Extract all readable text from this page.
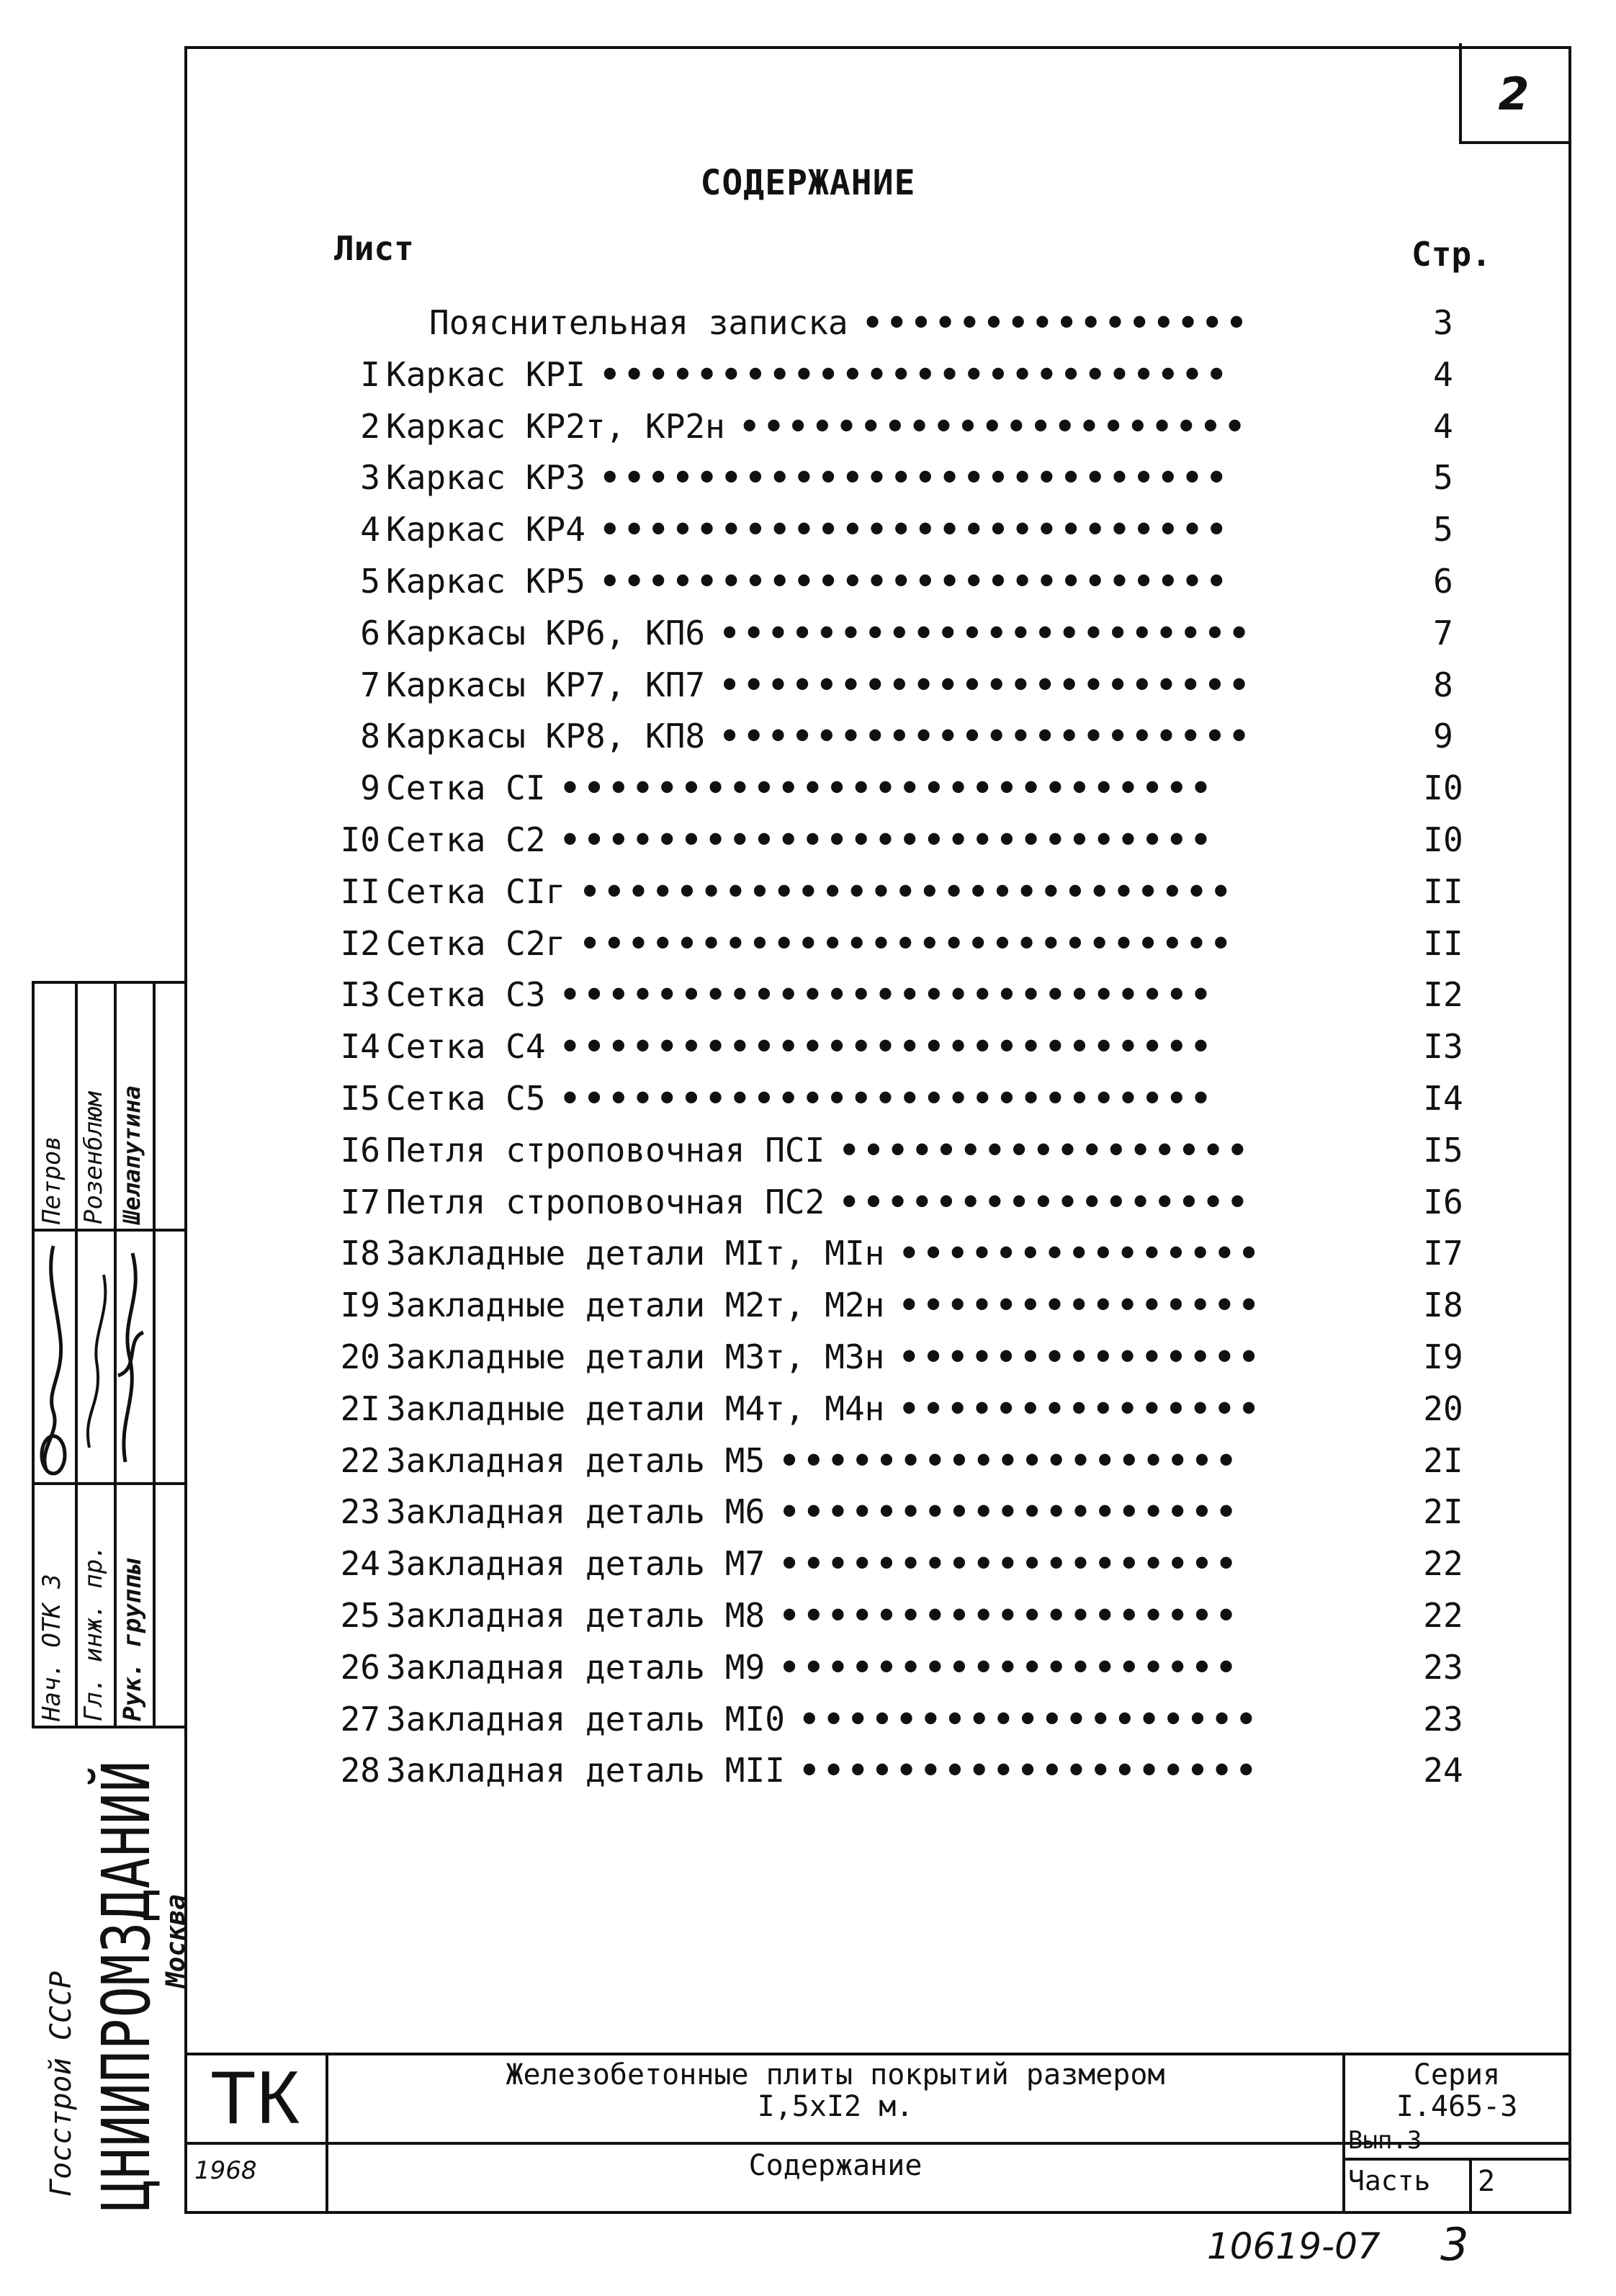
2
СОДЕРЖАНИЕ
Лист	Стр.
Пояснительная записка ••••••••••••••••	3
I Каркас КРI ••••••••••••••••••••••••••	4
2 Каркас КР2т, КР2н •••••••••••••••••••••	4
3 Каркас КР3 ••••••••••••••••••••••••••	5
4 Каркас КР4 ••••••••••••••••••••••••••	5
5 Каркас КР5 ••••••••••••••••••••••••••	6
6 Каркасы КР6, КП6 ••••••••••••••••••••••	7
7 Каркасы КР7, КП7 ••••••••••••••••••••••	8
8 Каркасы КР8, КП8 ••••••••••••••••••••••	9
9 Сетка СI •••••••••••••••••••••••••••	I0
I0 Сетка С2 •••••••••••••••••••••••••••	I0
II Сетка СIг •••••••••••••••••••••••••••	II
I2 Сетка С2г •••••••••••••••••••••••••••	II
I3 Сетка С3 •••••••••••••••••••••••••••	I2
I4 Сетка С4 •••••••••••••••••••••••••••	I3
I5 Сетка С5 •••••••••••••••••••••••••••	I4
I6 Петля строповочная ПСI •••••••••••••••••	I5
I7 Петля строповочная ПС2 •••••••••••••••••	I6
I8 Закладные детали МIт, МIн •••••••••••••••	I7
I9 Закладные детали М2т, М2н •••••••••••••••	I8
20 Закладные детали М3т, М3н •••••••••••••••	I9
2I Закладные детали М4т, М4н •••••••••••••••	20
22 Закладная деталь М5 •••••••••••••••••••	2I
23 Закладная деталь М6 •••••••••••••••••••	2I
24 Закладная деталь М7 •••••••••••••••••••	22
25 Закладная деталь М8 •••••••••••••••••••	22
26 Закладная деталь М9 •••••••••••••••••••	23
27 Закладная деталь МI0 •••••••••••••••••••	23
28 Закладная деталь МII •••••••••••••••••••	24
Нач. ОТК З Гл. инж. пр. Рук. группы
Петров Розенблюм Шелапутина
Госстрой СССР ЦНИИПРОМЗДАНИЙ
Москва
ТК
1968
Железобетонные плиты покрытий размером
I,5xI2 м.
Содержание
Серия
I.465-3
Вып.3
Часть 2
10619-07 3
